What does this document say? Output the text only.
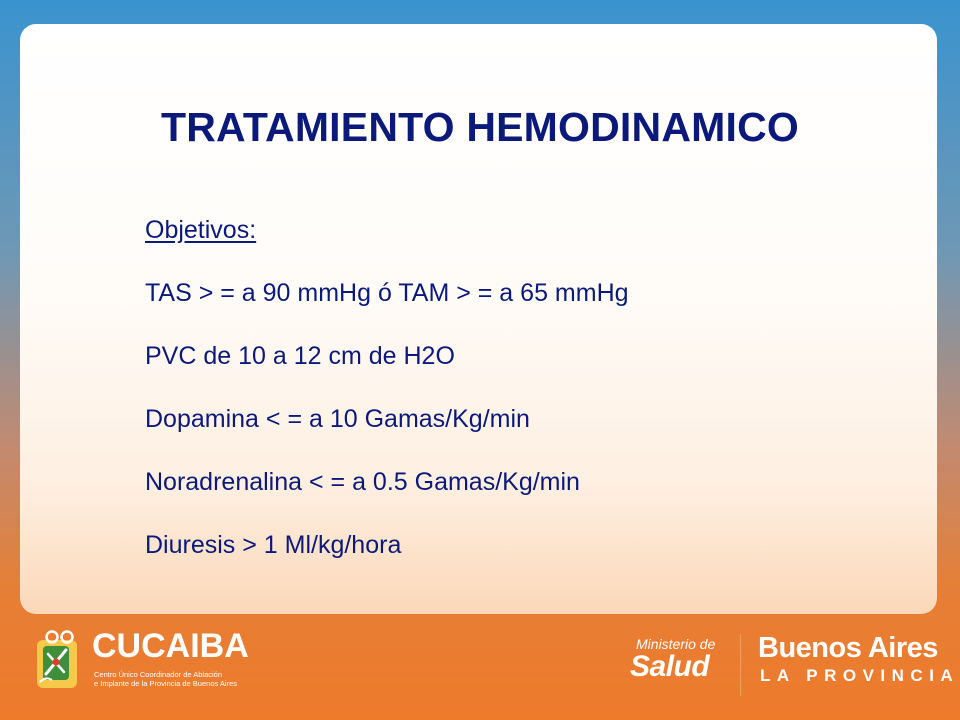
TRATAMIENTO HEMODINAMICO
Objetivos:
TAS > = a 90 mmHg ó TAM > = a 65 mmHg
PVC de 10 a 12 cm de H2O
Dopamina < = a 10 Gamas/Kg/min
Noradrenalina < = a 0.5 Gamas/Kg/min
Diuresis > 1 Ml/kg/hora
CUCAIBA
Centro Único Coordinador de Ablación
e Implante de la Provincia de Buenos Aires
Ministerio de
Salud
Buenos Aires
LA PROVINCIA
